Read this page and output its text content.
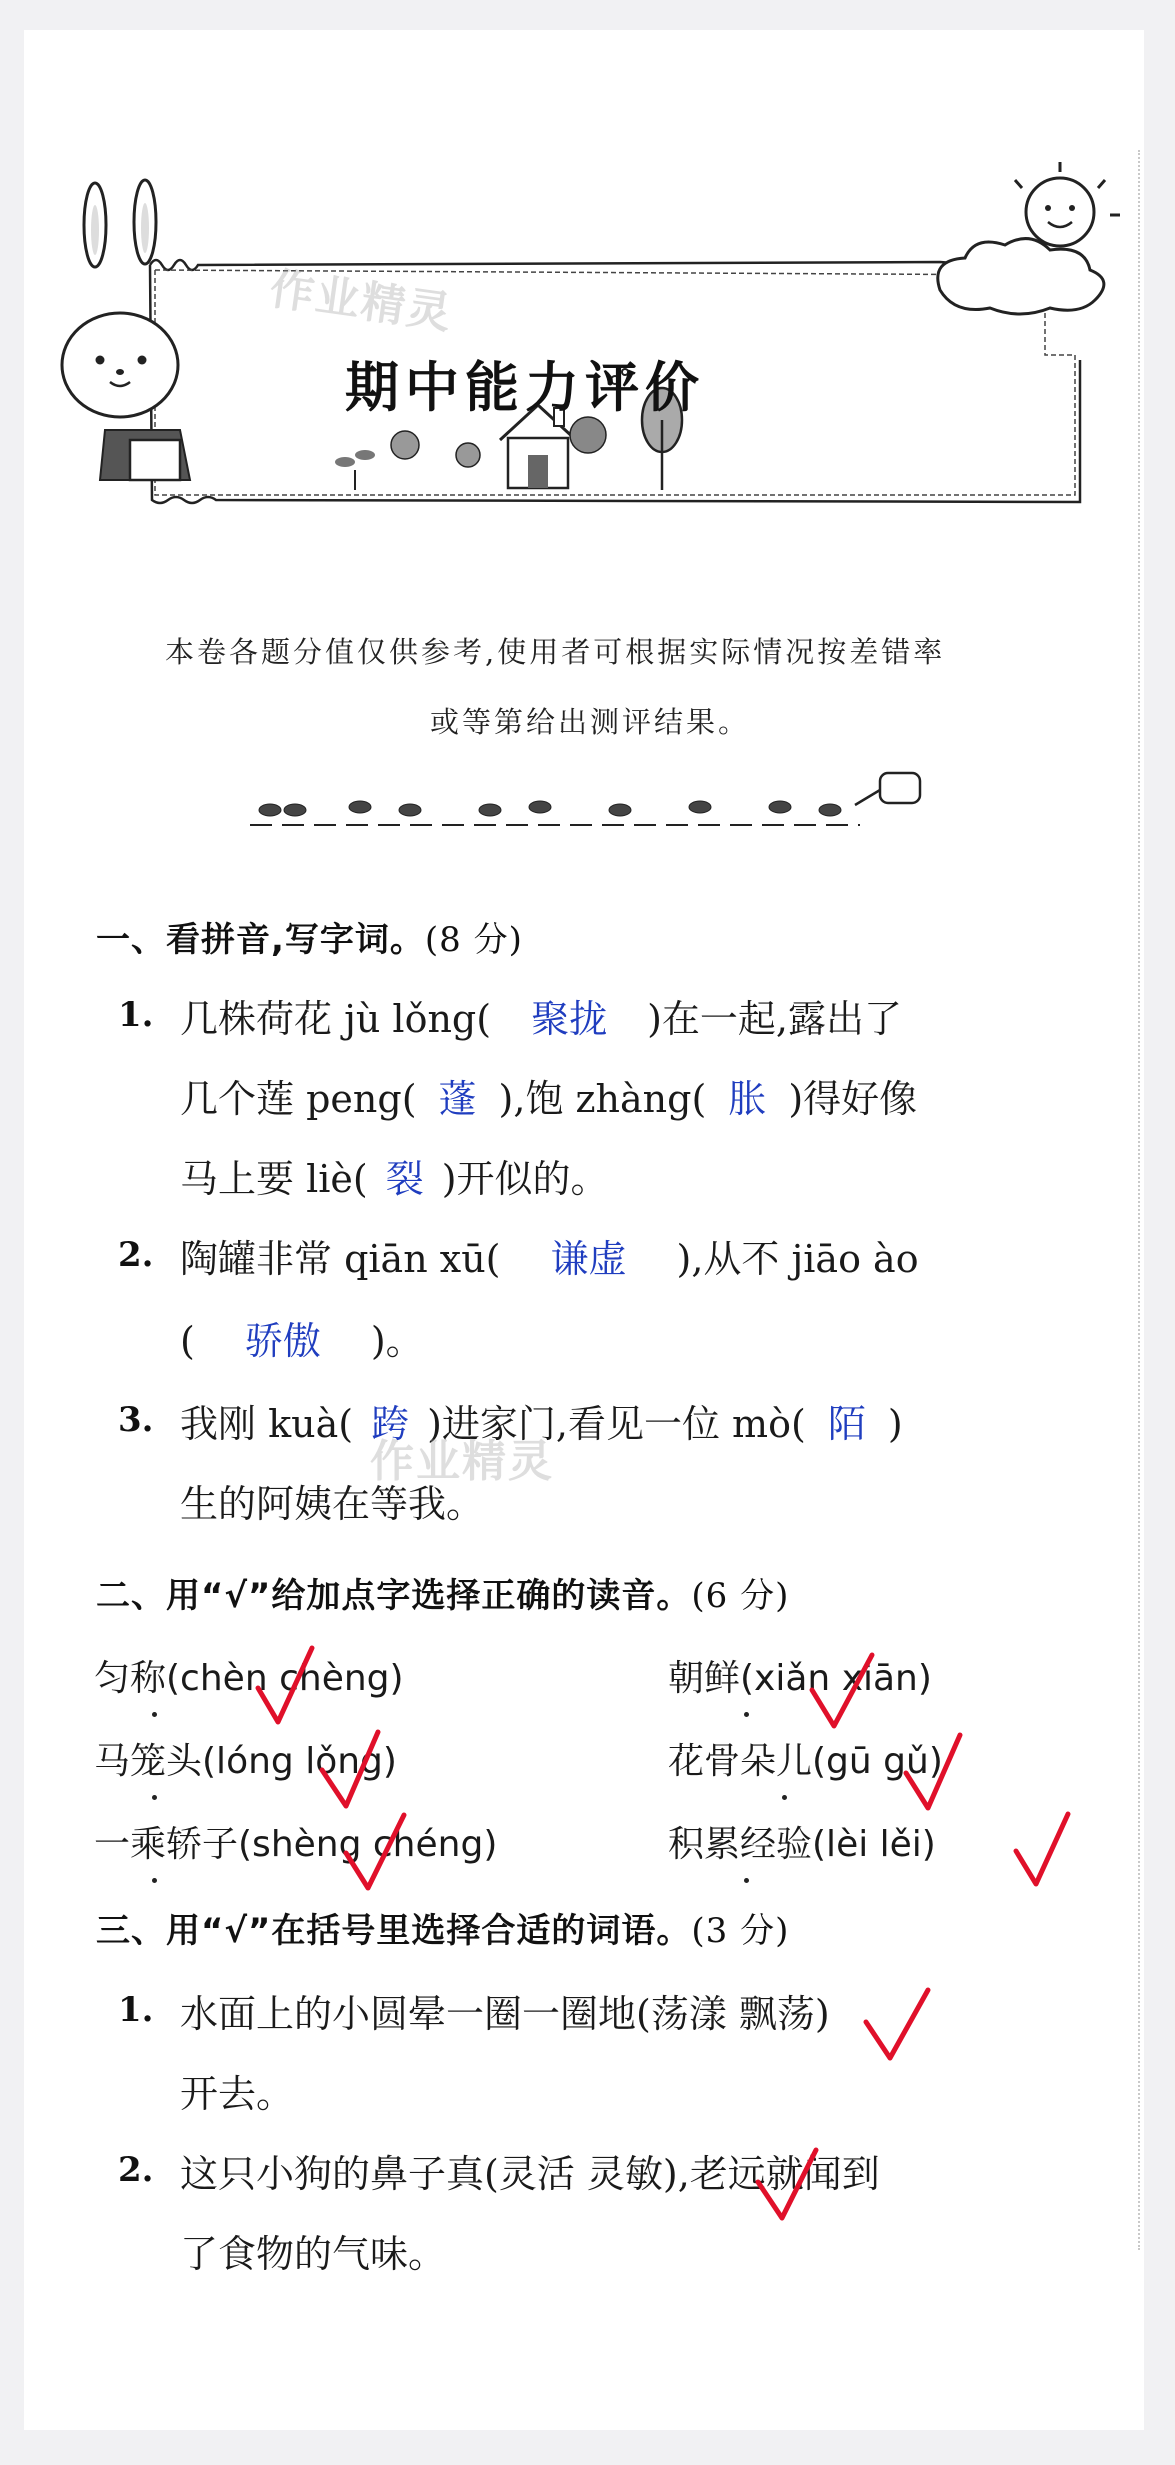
期中能力评价
作业精灵
本卷各题分值仅供参考,使用者可根据实际情况按差错率
或等第给出测评结果。
一、看拼音,写字词。(8 分)
1. 几株荷花 jù lǒng( 聚拢 )在一起,露出了
几个莲 peng( 蓬 ),饱 zhàng( 胀 )得好像
马上要 liè( 裂 )开似的。
2. 陶罐非常 qiān xū( 谦虚 ),从不 jiāo ào
( 骄傲 )。
3. 我刚 kuà( 跨 )进家门,看见一位 mò( 陌 )
生的阿姨在等我。
作业精灵
二、用“√”给加点字选择正确的读音。(6 分)
匀称(chèn chèng)	朝鲜(xiǎn xiān)
马笼头(lóng lǒng)	花骨朵儿(gū gǔ)
一乘轿子(shèng chéng)	积累经验(lèi lěi)
三、用“√”在括号里选择合适的词语。(3 分)
1. 水面上的小圆晕一圈一圈地(荡漾 飘荡)
开去。
2. 这只小狗的鼻子真(灵活 灵敏),老远就闻到
了食物的气味。
